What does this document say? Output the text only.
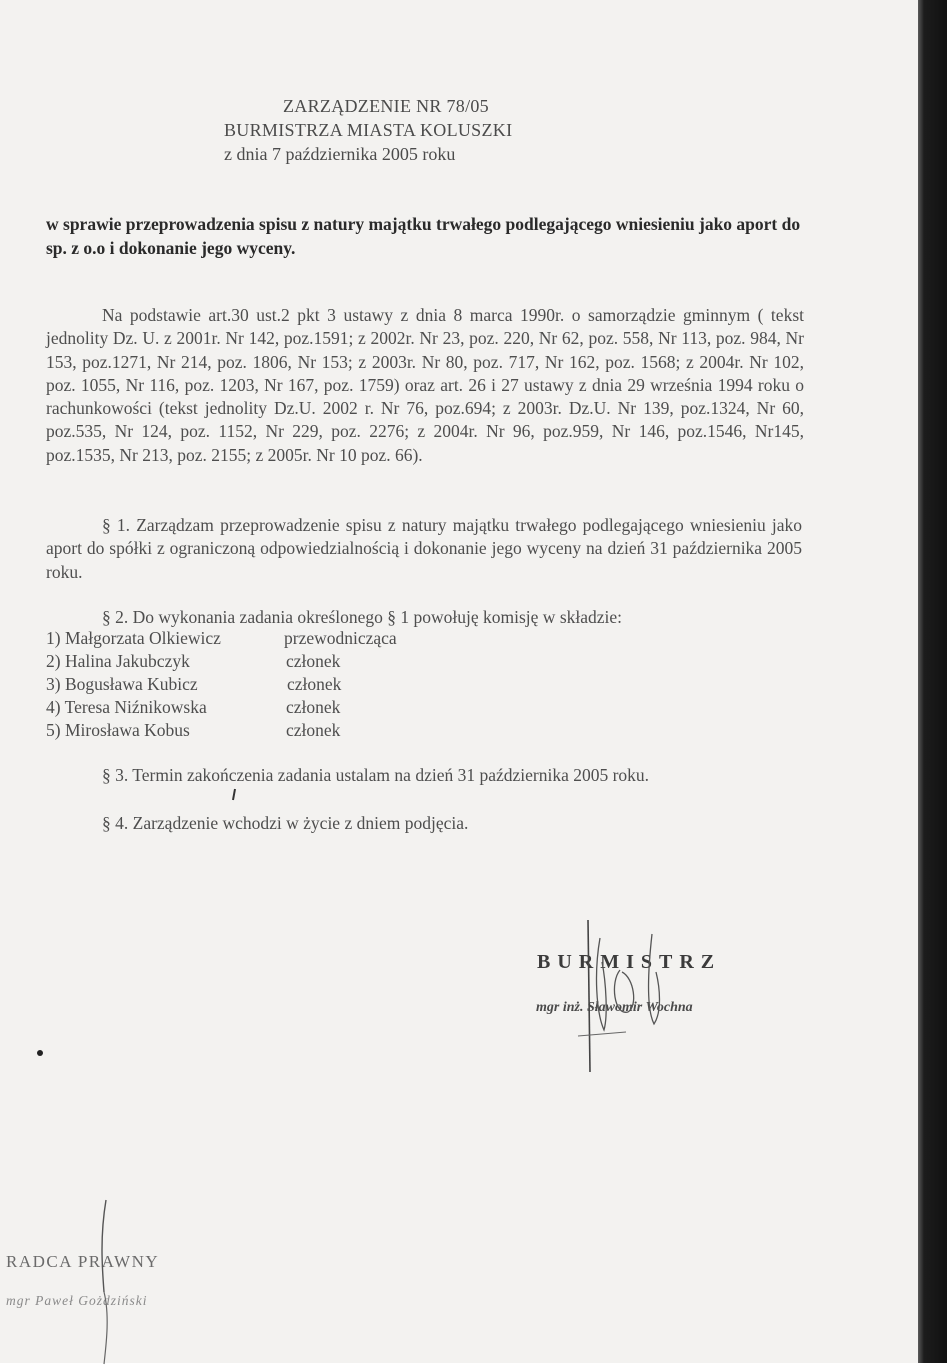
ZARZĄDZENIE NR 78/05
BURMISTRZA MIASTA KOLUSZKI
z dnia 7 października 2005 roku

w sprawie przeprowadzenia spisu z natury majątku trwałego podlegającego wniesieniu jako aport do sp. z o.o i dokonanie jego wyceny.

Na podstawie art.30 ust.2 pkt 3 ustawy z dnia 8 marca 1990r. o samorządzie gminnym ( tekst jednolity Dz. U. z 2001r. Nr 142, poz.1591; z 2002r. Nr 23, poz. 220, Nr 62, poz. 558, Nr 113, poz. 984, Nr 153, poz.1271, Nr 214, poz. 1806, Nr 153; z 2003r. Nr 80, poz. 717, Nr 162, poz. 1568; z 2004r. Nr 102, poz. 1055, Nr 116, poz. 1203, Nr 167, poz. 1759) oraz art. 26 i 27 ustawy z dnia 29 września 1994 roku o rachunkowości (tekst jednolity Dz.U. 2002 r. Nr 76, poz.694; z 2003r. Dz.U. Nr 139, poz.1324, Nr 60, poz.535, Nr 124, poz. 1152, Nr 229, poz. 2276; z 2004r. Nr 96, poz.959, Nr 146, poz.1546, Nr145, poz.1535, Nr 213, poz. 2155; z 2005r. Nr 10 poz. 66).

§ 1. Zarządzam przeprowadzenie spisu z natury majątku trwałego podlegającego wniesieniu jako aport do spółki z ograniczoną odpowiedzialnością i dokonanie jego wyceny na dzień 31 października 2005 roku.

§ 2. Do wykonania zadania określonego § 1 powołuję komisję w składzie:
1) Małgorzata Olkiewicz	przewodnicząca
2) Halina Jakubczyk	członek
3) Bogusława Kubicz	członek
4) Teresa Niźnikowska	członek
5) Mirosława Kobus	członek
§ 3. Termin zakończenia zadania ustalam na dzień 31 października 2005 roku.
§ 4. Zarządzenie wchodzi w życie z dniem podjęcia.
BURMISTRZ
mgr inż. Sławomir Wochna
RADCA PRAWNY
mgr Paweł Gożdziński
